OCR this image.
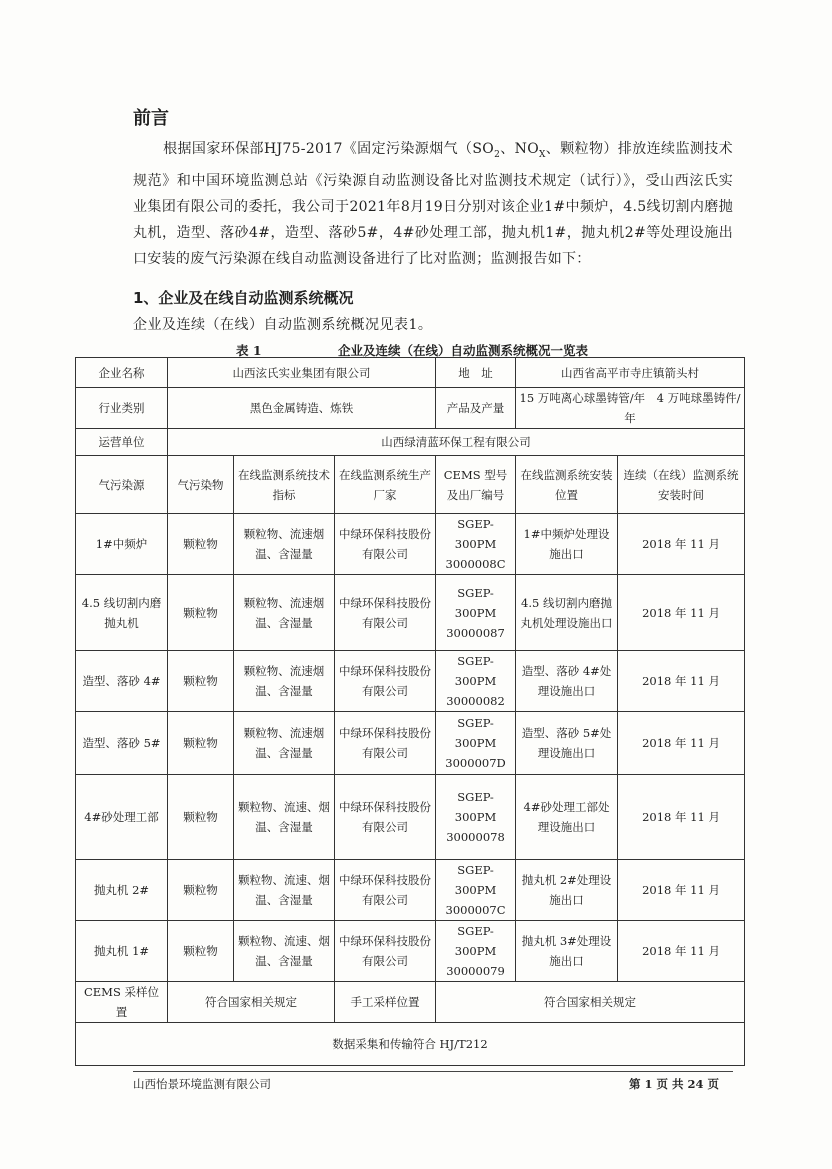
前言

根据国家环保部HJ75-2017《固定污染源烟气（$SO_2$、$NO_X$、颗粒物）排放连续监测技术规范》和中国环境监测总站《污染源自动监测设备比对监测技术规定（试行）》，受山西泫氏实业集团有限公司的委托，我公司于2021年8月19日分别对该企业1#中频炉，4.5线切割内磨抛丸机，造型、落砂4#，造型、落砂5#，4#砂处理工部，抛丸机1#，抛丸机2#等处理设施出口安装的废气污染源在线自动监测设备进行了比对监测；监测报告如下：

1、企业及在线自动监测系统概况

企业及连续（在线）自动监测系统概况见表1。

表 1	企业及连续（在线）自动监测系统概况一览表

企业名称	山西泫氏实业集团有限公司			地　址	山西省高平市寺庄镇箭头村	
行业类别	黑色金属铸造、炼铁			产品及产量	15 万吨离心球墨铸管/年　4 万吨球墨铸件/年	
运营单位	山西绿清蓝环保工程有限公司					
气污染源	气污染物	在线监测系统技术指标	在线监测系统生产厂家	CEMS 型号及出厂编号	在线监测系统安装位置	连续（在线）监测系统安装时间
1#中频炉	颗粒物	颗粒物、流速烟温、含湿量	中绿环保科技股份有限公司	SGEP-300PM 3000008C	1#中频炉处理设施出口	2018 年 11 月
4.5 线切割内磨抛丸机	颗粒物	颗粒物、流速烟温、含湿量	中绿环保科技股份有限公司	SGEP-300PM 30000087	4.5 线切割内磨抛丸机处理设施出口	2018 年 11 月
造型、落砂 4#	颗粒物	颗粒物、流速烟温、含湿量	中绿环保科技股份有限公司	SGEP-300PM 30000082	造型、落砂 4#处理设施出口	2018 年 11 月
造型、落砂 5#	颗粒物	颗粒物、流速烟温、含湿量	中绿环保科技股份有限公司	SGEP-300PM 3000007D	造型、落砂 5#处理设施出口	2018 年 11 月
4#砂处理工部	颗粒物	颗粒物、流速、烟温、含湿量	中绿环保科技股份有限公司	SGEP-300PM 30000078	4#砂处理工部处理设施出口	2018 年 11 月
抛丸机 2#	颗粒物	颗粒物、流速、烟温、含湿量	中绿环保科技股份有限公司	SGEP-300PM 3000007C	抛丸机 2#处理设施出口	2018 年 11 月
抛丸机 1#	颗粒物	颗粒物、流速、烟温、含湿量	中绿环保科技股份有限公司	SGEP-300PM 30000079	抛丸机 3#处理设施出口	2018 年 11 月
CEMS 采样位置	符合国家相关规定		手工采样位置	符合国家相关规定		
数据采集和传输符合 HJ/T212						

山西怡景环境监测有限公司	第 1 页 共 24 页
